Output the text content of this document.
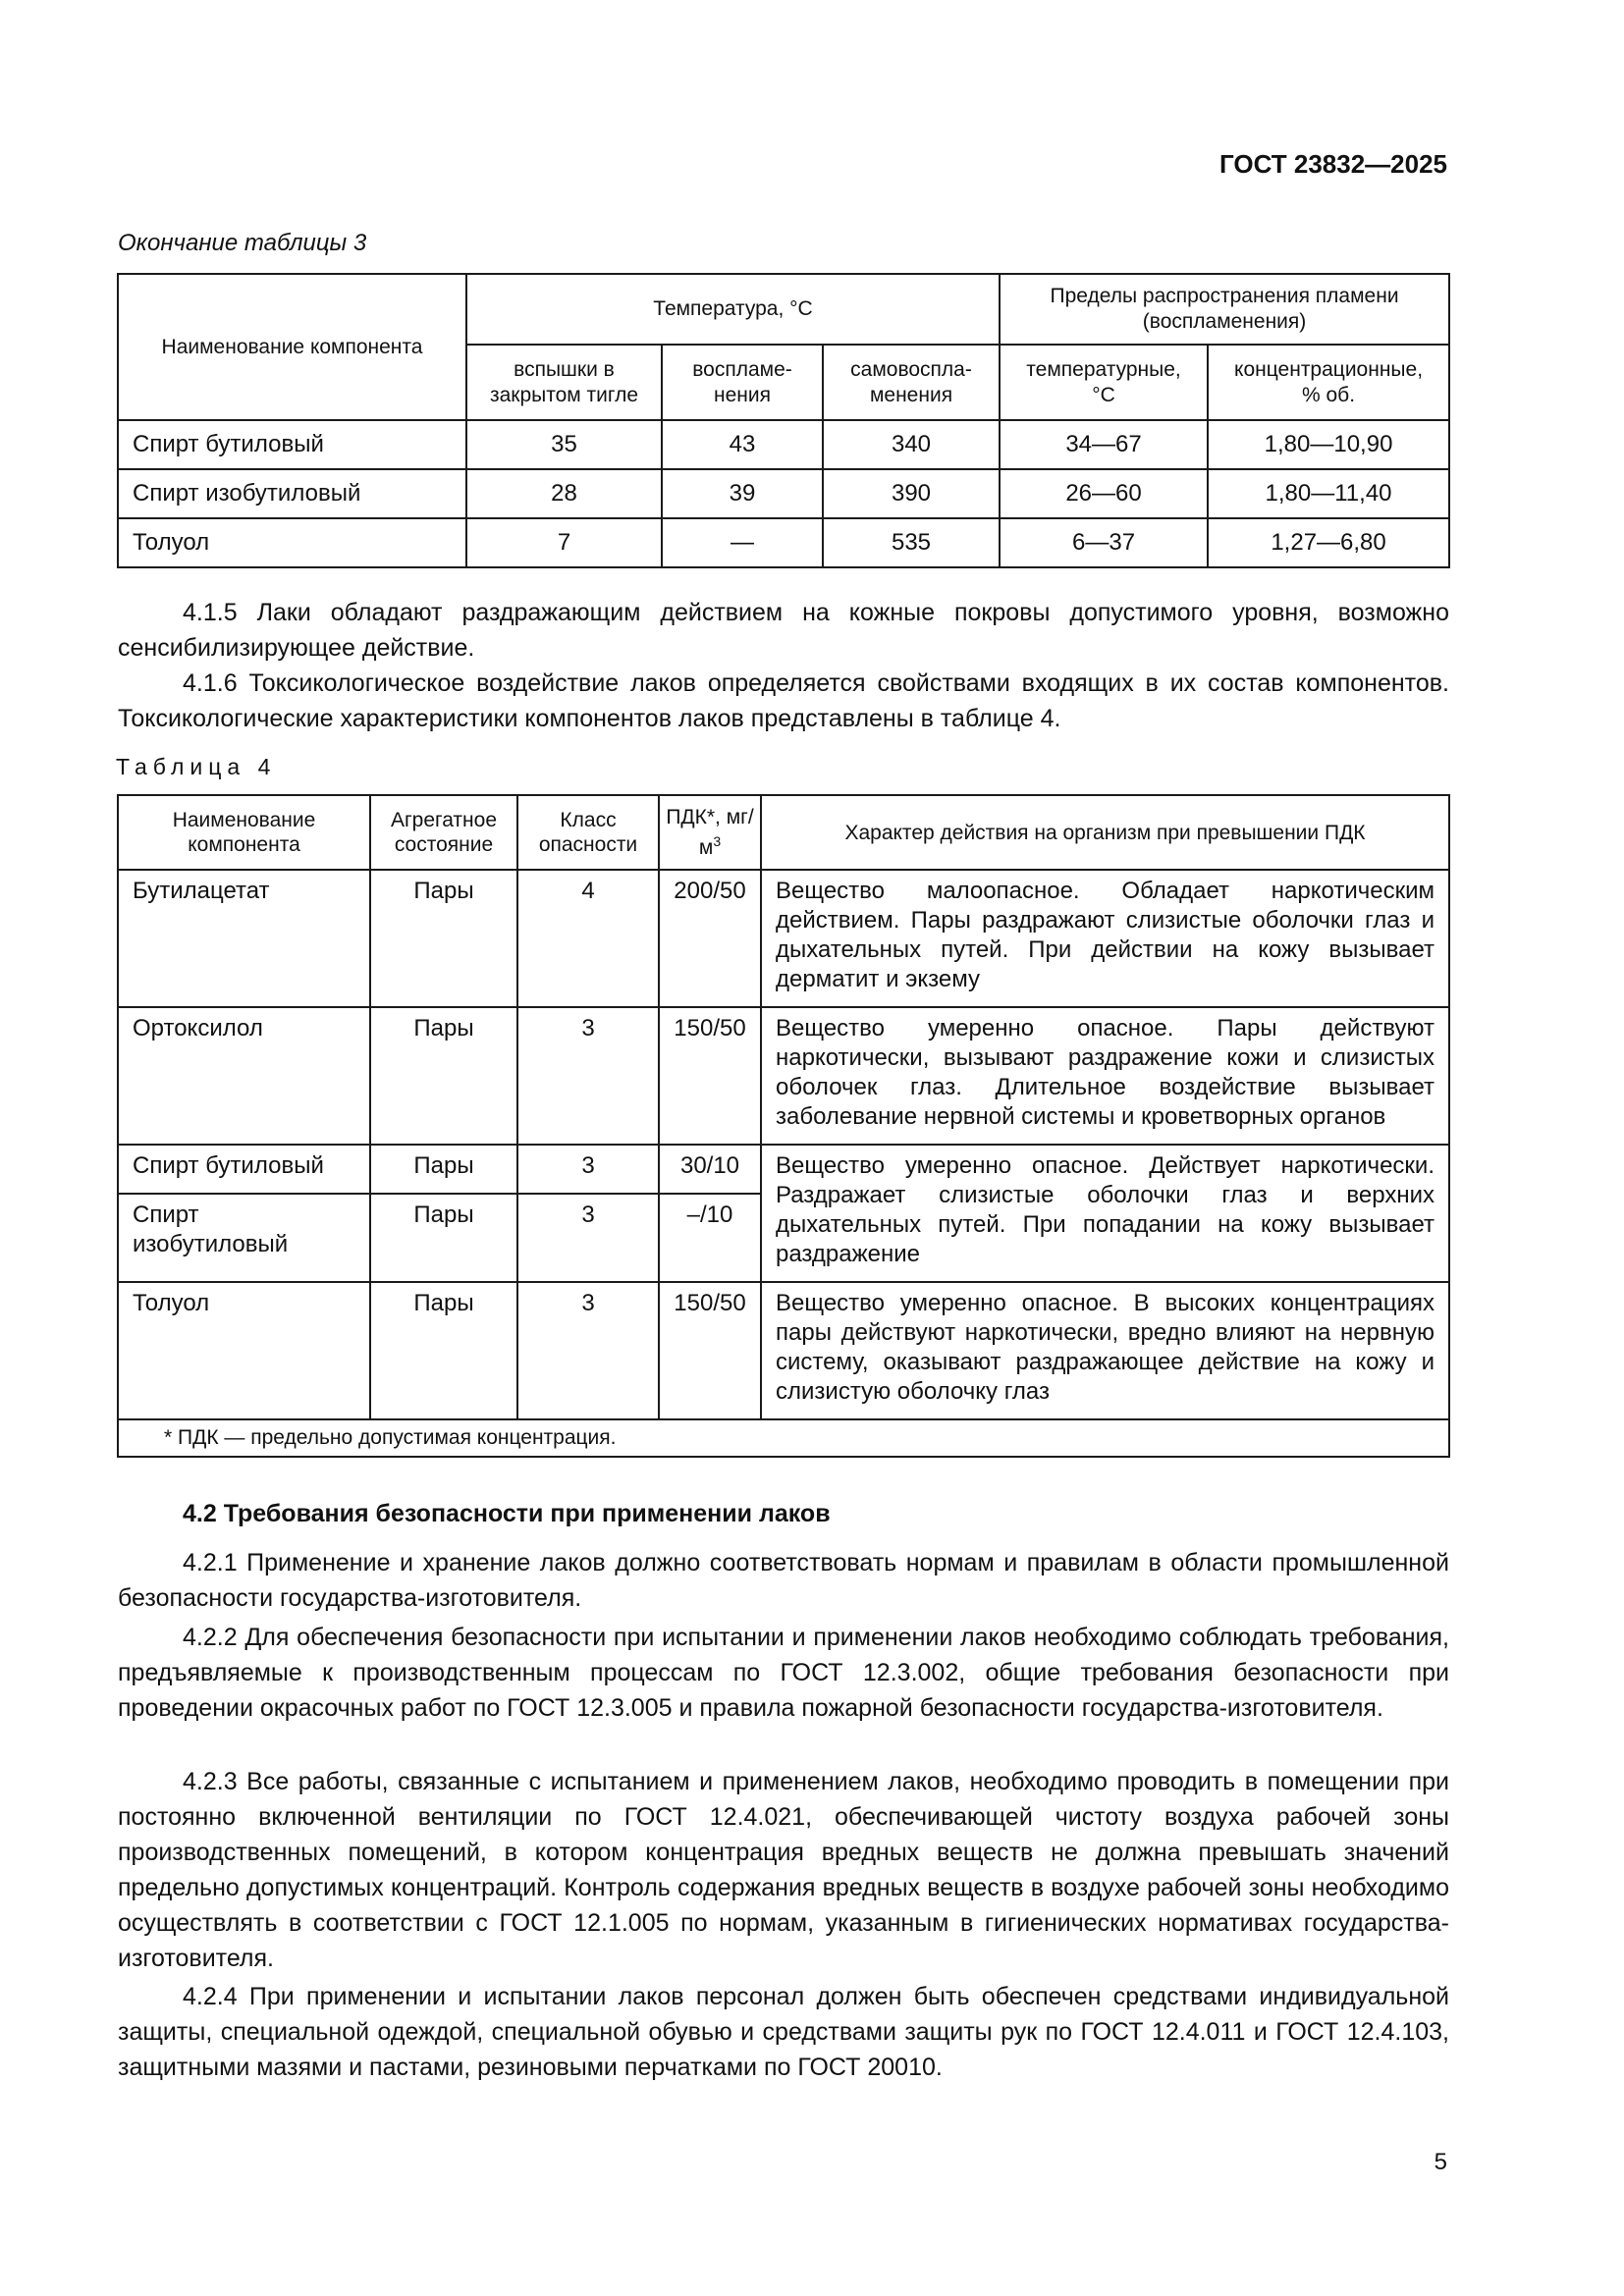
ГОСТ 23832—2025
Окончание таблицы 3
Наименование компонента	Температура, °С			Пределы распространения пламени (воспламенения)	
	вспышки в закрытом тигле	воспламе-нения	самовоспла-менения	температурные, °С	концентрационные, % об.
Спирт бутиловый	35	43	340	34—67	1,80—10,90
Спирт изобутиловый	28	39	390	26—60	1,80—11,40
Толуол	7	—	535	6—37	1,27—6,80

4.1.5 Лаки обладают раздражающим действием на кожные покровы допустимого уровня, возможно сенсибилизирующее действие.

4.1.6 Токсикологическое воздействие лаков определяется свойствами входящих в их состав компонентов. Токсикологические характеристики компонентов лаков представлены в таблице 4.

Таблица 4
Наименование компонента	Агрегатное состояние	Класс опасности	ПДК*, $мг/м^3$	Характер действия на организм при превышении ПДК
Бутилацетат	Пары	4	200/50	Вещество малоопасное. Обладает наркотическим действием. Пары раздражают слизистые оболочки глаз и дыхательных путей. При действии на кожу вызывает дерматит и экзему
Ортоксилол	Пары	3	150/50	Вещество умеренно опасное. Пары действуют наркотически, вызывают раздражение кожи и слизистых оболочек глаз. Длительное воздействие вызывает заболевание нервной системы и кроветворных органов
Спирт бутиловый	Пары	3	30/10	Вещество умеренно опасное. Действует наркотически. Раздражает слизистые оболочки глаз и верхних дыхательных путей. При попадании на кожу вызывает раздражение
Спирт изобутиловый	Пары	3	–/10	
Толуол	Пары	3	150/50	Вещество умеренно опасное. В высоких концентрациях пары действуют наркотически, вредно влияют на нервную систему, оказывают раздражающее действие на кожу и слизистую оболочку глаз
* ПДК — предельно допустимая концентрация.				
4.2 Требования безопасности при применении лаков

4.2.1 Применение и хранение лаков должно соответствовать нормам и правилам в области промышленной безопасности государства-изготовителя.

4.2.2 Для обеспечения безопасности при испытании и применении лаков необходимо соблюдать требования, предъявляемые к производственным процессам по ГОСТ 12.3.002, общие требования безопасности при проведении окрасочных работ по ГОСТ 12.3.005 и правила пожарной безопасности государства-изготовителя.

4.2.3 Все работы, связанные с испытанием и применением лаков, необходимо проводить в помещении при постоянно включенной вентиляции по ГОСТ 12.4.021, обеспечивающей чистоту воздуха рабочей зоны производственных помещений, в котором концентрация вредных веществ не должна превышать значений предельно допустимых концентраций. Контроль содержания вредных веществ в воздухе рабочей зоны необходимо осуществлять в соответствии с ГОСТ 12.1.005 по нормам, указанным в гигиенических нормативах государства-изготовителя.

4.2.4 При применении и испытании лаков персонал должен быть обеспечен средствами индивидуальной защиты, специальной одеждой, специальной обувью и средствами защиты рук по ГОСТ 12.4.011 и ГОСТ 12.4.103, защитными мазями и пастами, резиновыми перчатками по ГОСТ 20010.

5
